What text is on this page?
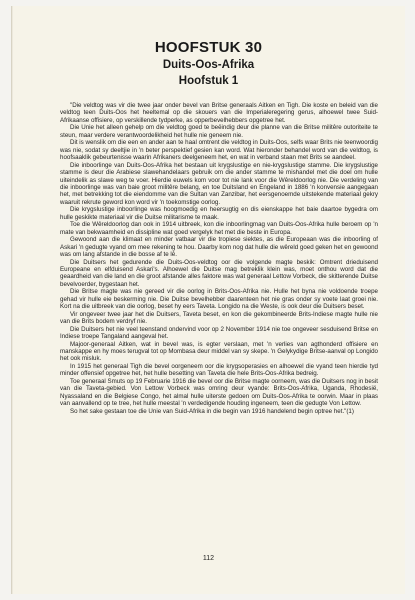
HOOFSTUK 30
Duits-Oos-Afrika
Hoofstuk 1

"Die veldtog was vir die twee jaar onder bevel van Britse generaals Aitken en Tigh. Die koste en beleid van die veldtog teen Duits-Oos het heeltemal op die skouers van die Imperialeregering gerus, alhoewel twee Suid-Afrikaanse offisiere, op verskillende tydperke, as opperbevelhebbers opgetree het.

Die Unie het alleen gehelp om die veldtog goed te beëindig deur die planne van die Britse militêre outoriteite te steun, maar verdere verantwoordelikheid het hulle nie geneem nie.

Dit is wenslik om die een en ander aan te haal omtrent die veldtog in Duits-Oos, selfs waar Brits nie teenwoordig was nie, sodat sy deeltjie in 'n beter perspektief gesien kan word. Wat hieronder behandel word van die veldtog, is hoofsaaklik gebeurtenisse waarin Afrikaners deelgeneem het, en wat in verband staan met Brits se aandeel.

Die inboorlinge van Duits-Oos-Afrika het bestaan uit krygslustige en nie-krygslustige stamme. Die krygslustige stamme is deur die Arabiese slawehandelaars gebruik om die ander stamme te mishandel met die doel om hulle uiteindelik as slawe weg te voer. Hierdie euwels kom voor tot nie lank voor die Wêreldoorlog nie. Die verdeling van die inboorlinge was van baie groot militêre belang, en toe Duitsland en Engeland in 1886 'n konvensie aangegaan het, met betrekking tot die eiendomme van die Sultan van Zanzibar, het eersgenoemde uitstekende materiaal gekry waaruit rekrute geword kon word vir 'n toekomstige oorlog.

Die krygslustige inboorlinge was hoogmoedig en heersugtig en dis eienskappe het baie daartoe bygedra om hulle geskikte materiaal vir die Duitse militarisme te maak.

Toe die Wêreldoorlog dan ook in 1914 uitbreek, kon die inboorlingmag van Duits-Oos-Afrika hulle beroem op 'n mate van bekwaamheid en dissipline wat goed vergelyk het met die beste in Europa.

Gewoond aan die klimaat en minder vatbaar vir die tropiese siektes, as die Europeaan was die inboorling of Askari 'n gedugte vyand om mee rekening te hou. Daarby kom nog dat hulle die wêreld goed geken het en gewoond was om lang afstande in die bosse af te lê.

Die Duitsers het gedurende die Duits-Oos-veldtog oor die volgende magte beskik: Omtrent drieduisend Europeane en elfduisend Askari's. Alhoewel die Duitse mag betreklik klein was, moet onthou word dat die geaardheid van die land en die groot afstande alles faktore was wat generaal Lettow Vorbeck, die skitterende Duitse bevelvoerder, bygestaan het.

Die Britse magte was nie gereed vir die oorlog in Brits-Oos-Afrika nie. Hulle het byna nie voldoende troepe gehad vir hulle eie beskerming nie. Die Duitse bevelhebber daarenteen het nie gras onder sy voete laat groei nie. Kort na die uitbreek van die oorlog, beset hy eers Taveta. Longido na die Weste, is ook deur die Duitsers beset.

Vir ongeveer twee jaar het die Duitsers, Taveta beset, en kon die gekombineerde Brits-Indiese magte hulle nie van die Brits bodem verdryf nie.

Die Duitsers het nie veel teenstand ondervind voor op 2 November 1914 nie toe ongeveer sesduisend Britse en Indiese troepe Tangaland aangeval het.

Majoor-generaal Aitken, wat in bevel was, is egter verslaan, met 'n verlies van agthonderd offisiere en manskappe en hy moes terugval tot op Mombasa deur middel van sy skepe. 'n Gelykydige Britse-aanval op Longido het ook misluk.

In 1915 het generaal Tigh die bevel oorgeneem oor die krygsoperasies en alhoewel die vyand teen hierdie tyd minder offensief opgetree het, het hulle besetting van Taveta die hele Brits-Oos-Afrika bedreig.

Toe generaal Smuts op 19 Februarie 1916 die bevel oor die Britse magte oorneem, was die Duitsers nog in besit van die Taveta-gebied. Von Lettow Vorbeck was omring deur vyande: Brits-Oos-Afrika, Uganda, Rhodesië, Nyassaland en die Belgiese Congo, het almal hulle uiterste gedoen om Duits-Oos-Afrika te oorwin. Maar in plaas van aanvallend op te tree, het hulle meestal 'n verdedigende houding ingeneem, teen die gedugte Von Lettow.

So het sake gestaan toe die Unie van Suid-Afrika in die begin van 1916 handelend begin optree het."(1)

112
